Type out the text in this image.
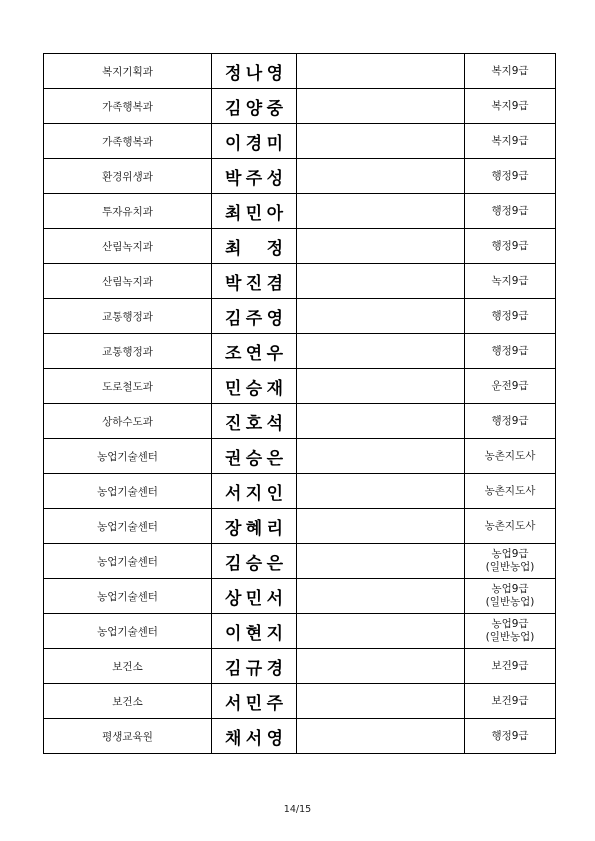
복지기획과	정 나 영		복지9급

가족행복과	김 양 중		복지9급

가족행복과	이 경 미		복지9급

환경위생과	박 주 성		행정9급

투자유치과	최 민 아		행정9급

산림녹지과	최 정		행정9급

산림녹지과	박 진 겸		녹지9급

교통행정과	김 주 영		행정9급

교통행정과	조 연 우		행정9급

도로철도과	민 승 재		운전9급

상하수도과	진 호 석		행정9급

농업기술센터	권 승 은		농촌지도사

농업기술센터	서 지 인		농촌지도사

농업기술센터	장 혜 리		농촌지도사

농업기술센터	김 승 은		농업9급
(일반농업)

농업기술센터	상 민 서		농업9급
(일반농업)

농업기술센터	이 현 지		농업9급
(일반농업)

보건소	김 규 경		보건9급

보건소	서 민 주		보건9급

평생교육원	채 서 영		행정9급
14/15
